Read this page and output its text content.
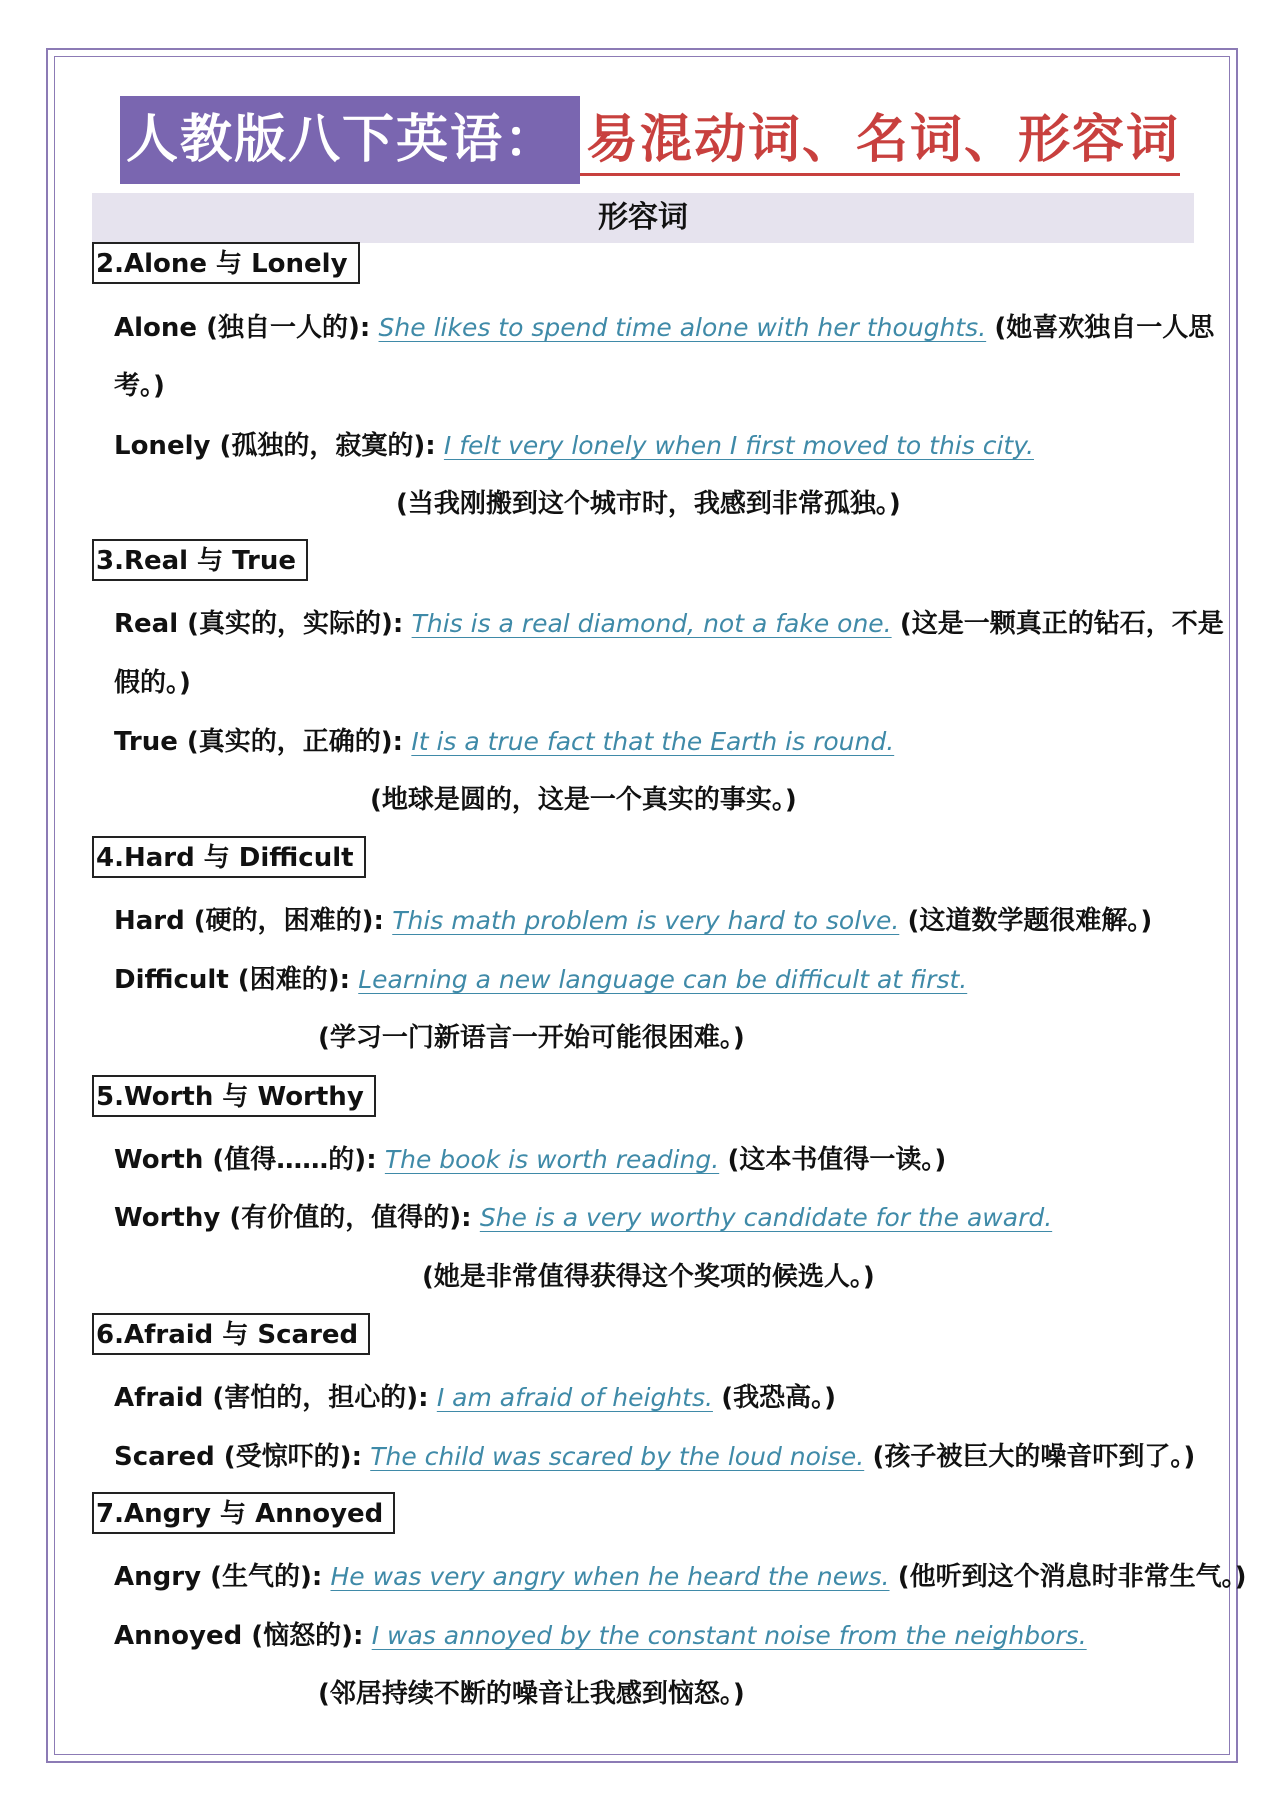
人教版八下英语： 易混动词、名词、形容词
形容词
2.Alone 与 Lonely
Alone (独自一人的): She likes to spend time alone with her thoughts. (她喜欢独自一人思
考。)
Lonely (孤独的，寂寞的): I felt very lonely when I first moved to this city.
(当我刚搬到这个城市时，我感到非常孤独。)
3.Real 与 True
Real (真实的，实际的): This is a real diamond, not a fake one. (这是一颗真正的钻石，不是
假的。)
True (真实的，正确的): It is a true fact that the Earth is round.
(地球是圆的，这是一个真实的事实。)
4.Hard 与 Difficult
Hard (硬的，困难的): This math problem is very hard to solve. (这道数学题很难解。)
Difficult (困难的): Learning a new language can be difficult at first.
(学习一门新语言一开始可能很困难。)
5.Worth 与 Worthy
Worth (值得……的): The book is worth reading. (这本书值得一读。)
Worthy (有价值的，值得的): She is a very worthy candidate for the award.
(她是非常值得获得这个奖项的候选人。)
6.Afraid 与 Scared
Afraid (害怕的，担心的): I am afraid of heights. (我恐高。)
Scared (受惊吓的): The child was scared by the loud noise. (孩子被巨大的噪音吓到了。)
7.Angry 与 Annoyed
Angry (生气的): He was very angry when he heard the news. (他听到这个消息时非常生气。)
Annoyed (恼怒的): I was annoyed by the constant noise from the neighbors.
(邻居持续不断的噪音让我感到恼怒。)
